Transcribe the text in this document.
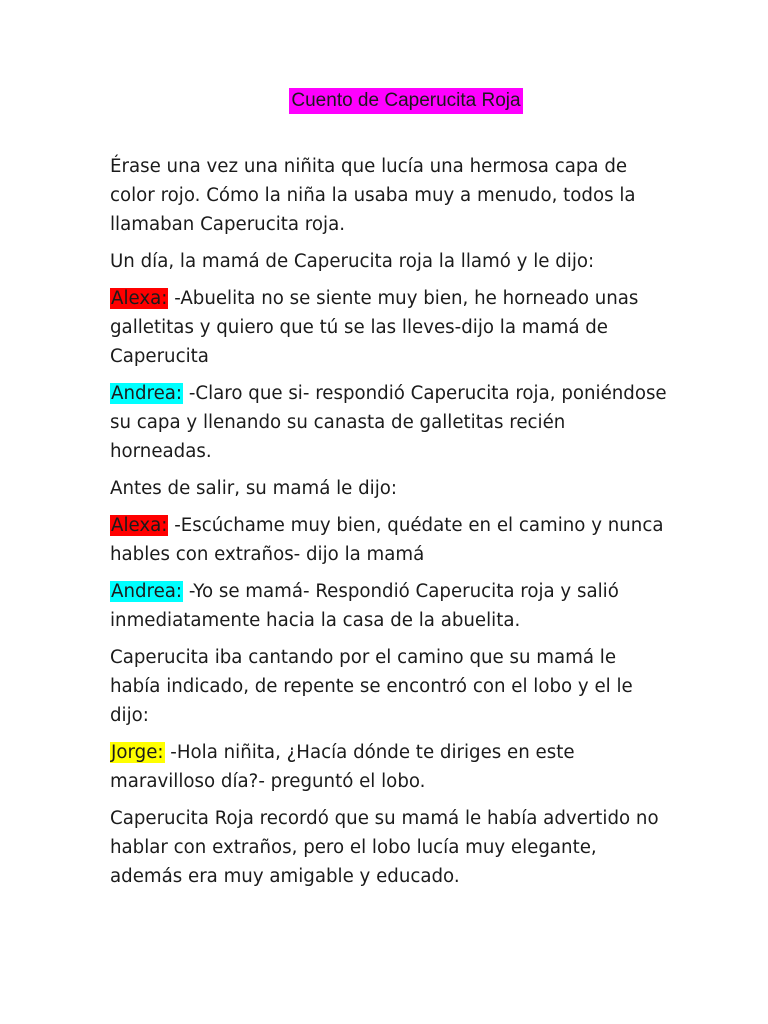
Cuento de Caperucita Roja

Érase una vez una niñita que lucía una hermosa capa de color rojo. Cómo la niña la usaba muy a menudo, todos la llamaban Caperucita roja.

Un día, la mamá de Caperucita roja la llamó y le dijo:

Alexa: -Abuelita no se siente muy bien, he horneado unas galletitas y quiero que tú se las lleves-dijo la mamá de Caperucita

Andrea: -Claro que si- respondió Caperucita roja, poniéndose su capa y llenando su canasta de galletitas recién horneadas.

Antes de salir, su mamá le dijo:

Alexa: -Escúchame muy bien, quédate en el camino y nunca hables con extraños- dijo la mamá

Andrea: -Yo se mamá- Respondió Caperucita roja y salió inmediatamente hacia la casa de la abuelita.

Caperucita iba cantando por el camino que su mamá le había indicado, de repente se encontró con el lobo y el le dijo:

Jorge: -Hola niñita, ¿Hacía dónde te diriges en este maravilloso día?- preguntó el lobo.

Caperucita Roja recordó que su mamá le había advertido no hablar con extraños, pero el lobo lucía muy elegante, además era muy amigable y educado.
